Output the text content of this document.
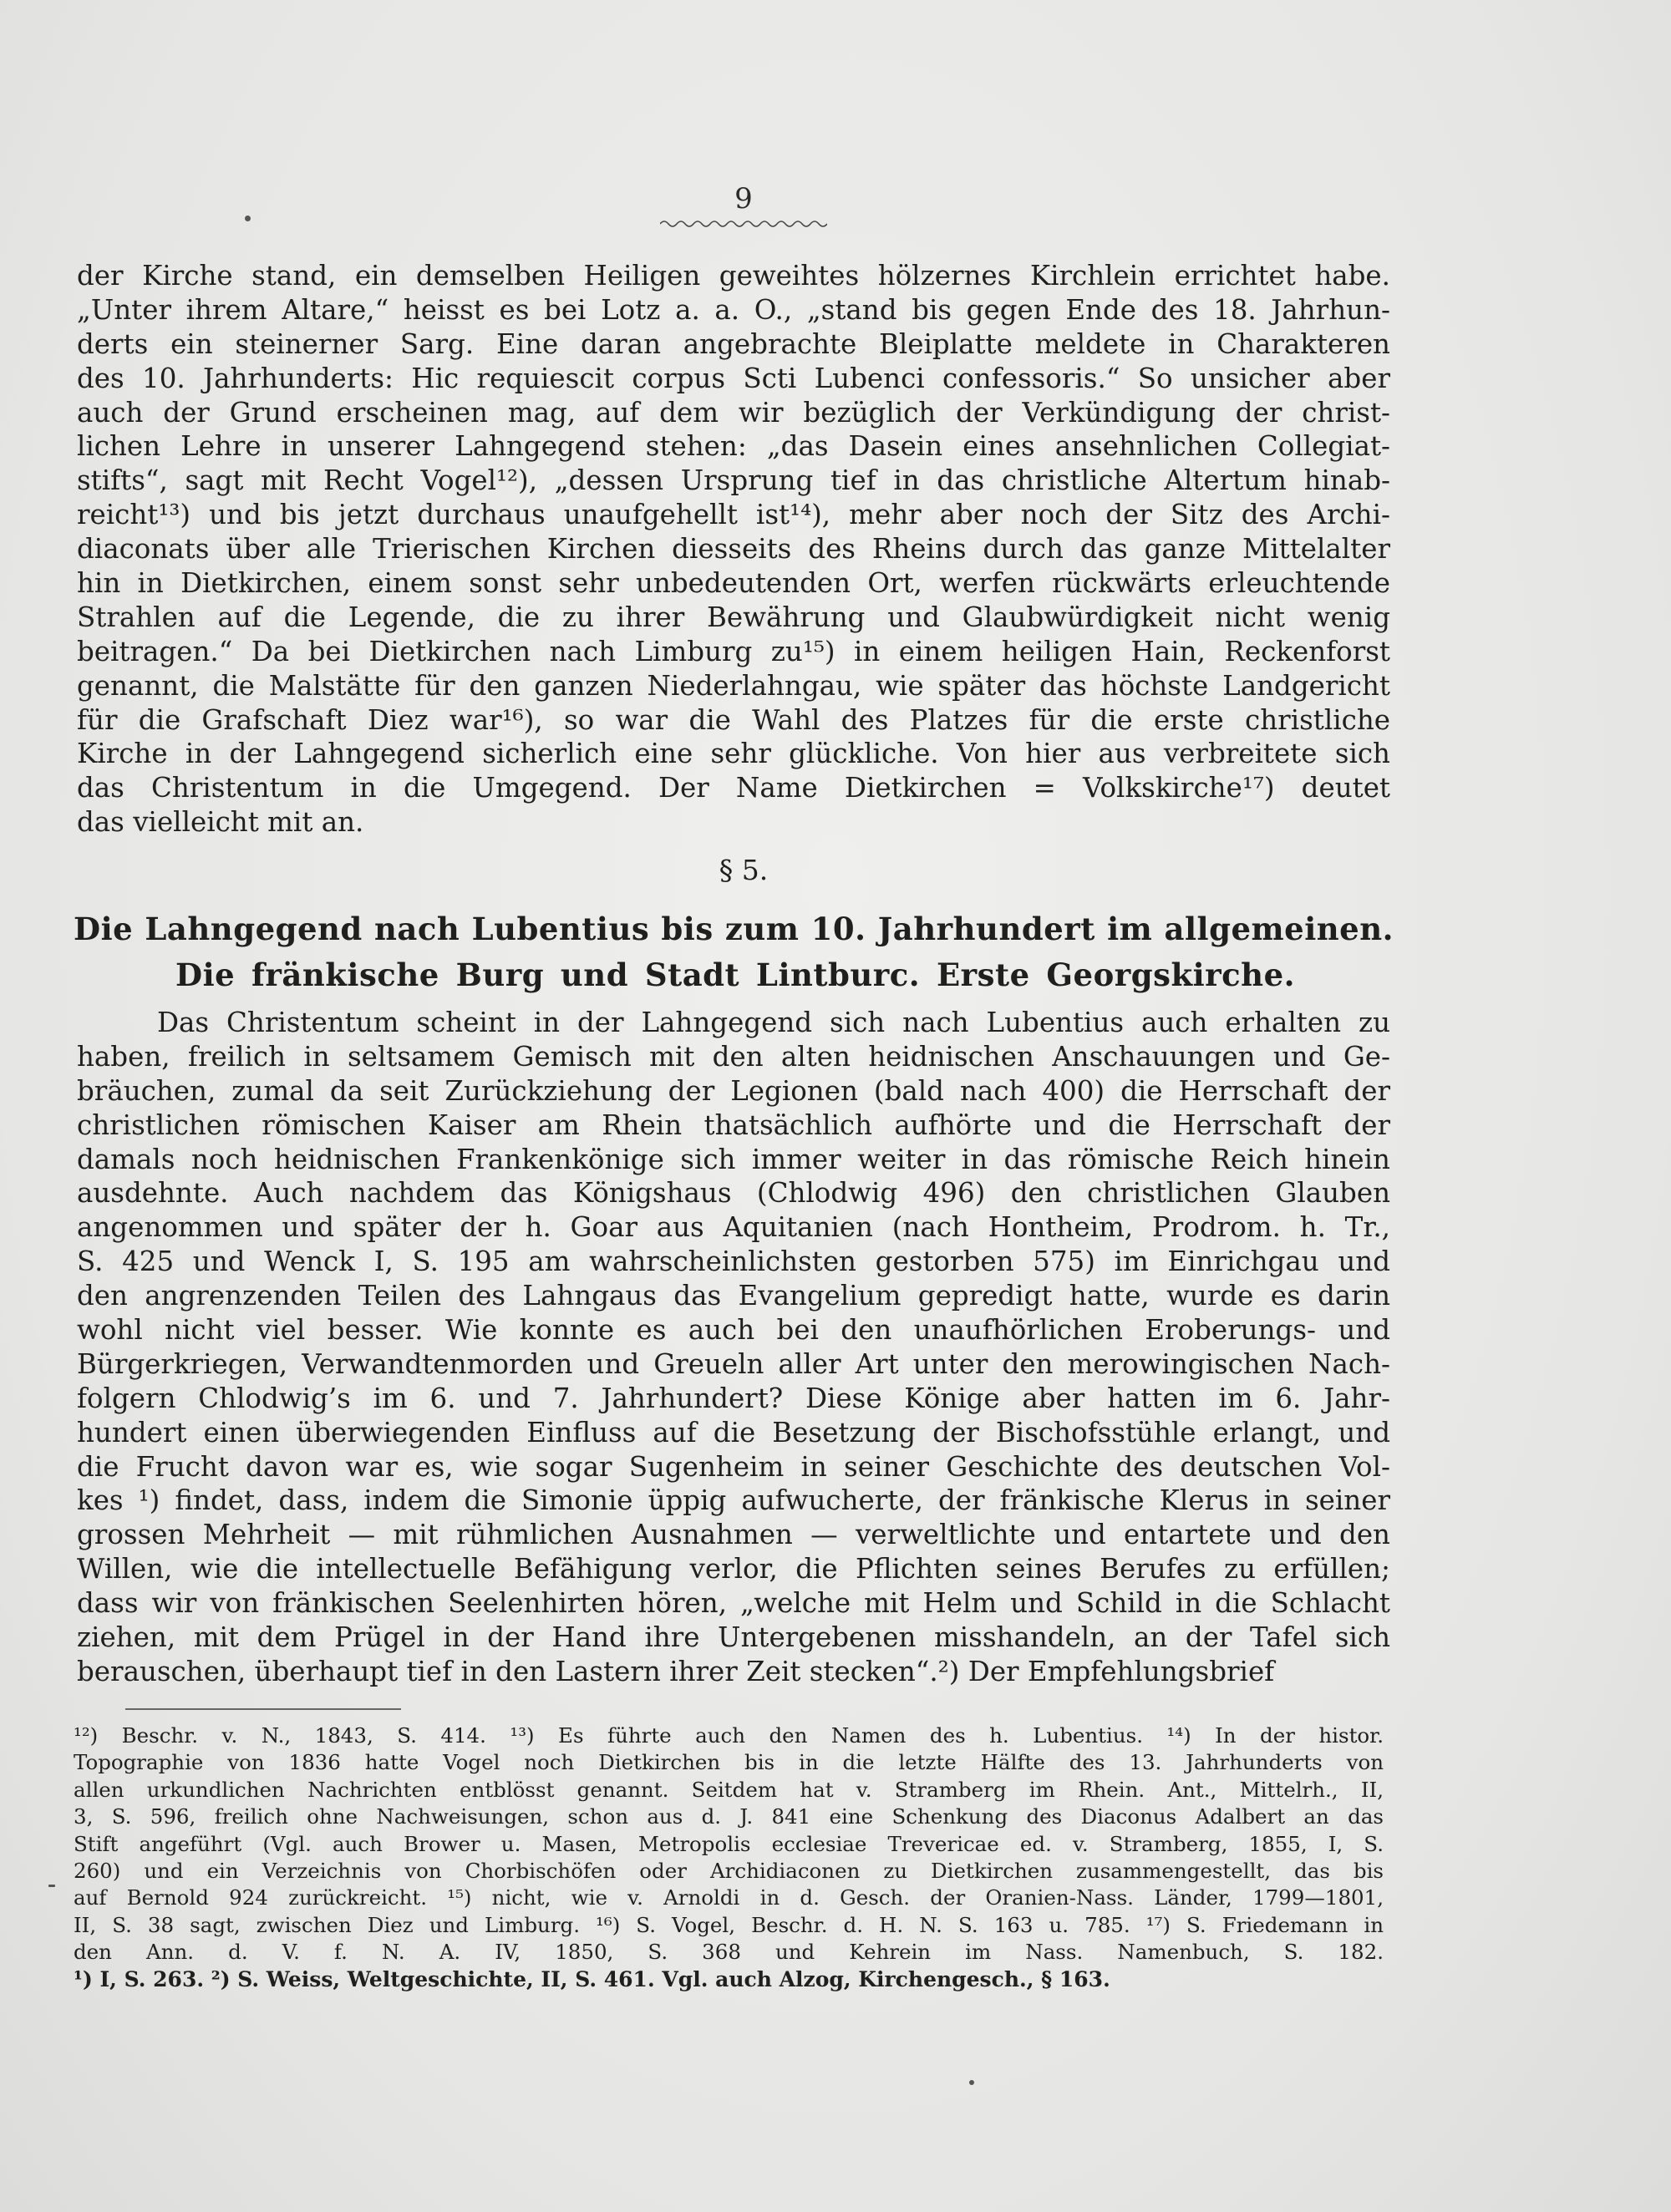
9
der Kirche stand, ein demselben Heiligen geweihtes hölzernes Kirchlein errichtet habe.
„Unter ihrem Altare,“ heisst es bei Lotz a. a. O., „stand bis gegen Ende des 18. Jahrhun-
derts ein steinerner Sarg. Eine daran angebrachte Bleiplatte meldete in Charakteren
des 10. Jahrhunderts: Hic requiescit corpus Scti Lubenci confessoris.“ So unsicher aber
auch der Grund erscheinen mag, auf dem wir bezüglich der Verkündigung der christ-
lichen Lehre in unserer Lahngegend stehen: „das Dasein eines ansehnlichen Collegiat-
stifts“, sagt mit Recht Vogel¹²), „dessen Ursprung tief in das christliche Altertum hinab-
reicht¹³) und bis jetzt durchaus unaufgehellt ist¹⁴), mehr aber noch der Sitz des Archi-
diaconats über alle Trierischen Kirchen diesseits des Rheins durch das ganze Mittelalter
hin in Dietkirchen, einem sonst sehr unbedeutenden Ort, werfen rückwärts erleuchtende
Strahlen auf die Legende, die zu ihrer Bewährung und Glaubwürdigkeit nicht wenig
beitragen.“ Da bei Dietkirchen nach Limburg zu¹⁵) in einem heiligen Hain, Reckenforst
genannt, die Malstätte für den ganzen Niederlahngau, wie später das höchste Landgericht
für die Grafschaft Diez war¹⁶), so war die Wahl des Platzes für die erste christliche
Kirche in der Lahngegend sicherlich eine sehr glückliche. Von hier aus verbreitete sich
das Christentum in die Umgegend. Der Name Dietkirchen = Volkskirche¹⁷) deutet
das vielleicht mit an.
§ 5.
Die Lahngegend nach Lubentius bis zum 10. Jahrhundert im allgemeinen.
Die fränkische Burg und Stadt Lintburc. Erste Georgskirche.
Das Christentum scheint in der Lahngegend sich nach Lubentius auch erhalten zu
haben, freilich in seltsamem Gemisch mit den alten heidnischen Anschauungen und Ge-
bräuchen, zumal da seit Zurückziehung der Legionen (bald nach 400) die Herrschaft der
christlichen römischen Kaiser am Rhein thatsächlich aufhörte und die Herrschaft der
damals noch heidnischen Frankenkönige sich immer weiter in das römische Reich hinein
ausdehnte. Auch nachdem das Königshaus (Chlodwig 496) den christlichen Glauben
angenommen und später der h. Goar aus Aquitanien (nach Hontheim, Prodrom. h. Tr.,
S. 425 und Wenck I, S. 195 am wahrscheinlichsten gestorben 575) im Einrichgau und
den angrenzenden Teilen des Lahngaus das Evangelium gepredigt hatte, wurde es darin
wohl nicht viel besser. Wie konnte es auch bei den unaufhörlichen Eroberungs- und
Bürgerkriegen, Verwandtenmorden und Greueln aller Art unter den merowingischen Nach-
folgern Chlodwig’s im 6. und 7. Jahrhundert? Diese Könige aber hatten im 6. Jahr-
hundert einen überwiegenden Einfluss auf die Besetzung der Bischofsstühle erlangt, und
die Frucht davon war es, wie sogar Sugenheim in seiner Geschichte des deutschen Vol-
kes ¹) findet, dass, indem die Simonie üppig aufwucherte, der fränkische Klerus in seiner
grossen Mehrheit — mit rühmlichen Ausnahmen — verweltlichte und entartete und den
Willen, wie die intellectuelle Befähigung verlor, die Pflichten seines Berufes zu erfüllen;
dass wir von fränkischen Seelenhirten hören, „welche mit Helm und Schild in die Schlacht
ziehen, mit dem Prügel in der Hand ihre Untergebenen misshandeln, an der Tafel sich
berauschen, überhaupt tief in den Lastern ihrer Zeit stecken“.²) Der Empfehlungsbrief
¹²) Beschr. v. N., 1843, S. 414. ¹³) Es führte auch den Namen des h. Lubentius. ¹⁴) In der histor.
Topographie von 1836 hatte Vogel noch Dietkirchen bis in die letzte Hälfte des 13. Jahrhunderts von
allen urkundlichen Nachrichten entblösst genannt. Seitdem hat v. Stramberg im Rhein. Ant., Mittelrh., II,
3, S. 596, freilich ohne Nachweisungen, schon aus d. J. 841 eine Schenkung des Diaconus Adalbert an das
Stift angeführt (Vgl. auch Brower u. Masen, Metropolis ecclesiae Trevericae ed. v. Stramberg, 1855, I, S.
260) und ein Verzeichnis von Chorbischöfen oder Archidiaconen zu Dietkirchen zusammengestellt, das bis
auf Bernold 924 zurückreicht. ¹⁵) nicht, wie v. Arnoldi in d. Gesch. der Oranien-Nass. Länder, 1799—1801,
II, S. 38 sagt, zwischen Diez und Limburg. ¹⁶) S. Vogel, Beschr. d. H. N. S. 163 u. 785. ¹⁷) S. Friedemann in
den Ann. d. V. f. N. A. IV, 1850, S. 368 und Kehrein im Nass. Namenbuch, S. 182.
¹) I, S. 263. ²) S. Weiss, Weltgeschichte, II, S. 461. Vgl. auch Alzog, Kirchengesch., § 163.
